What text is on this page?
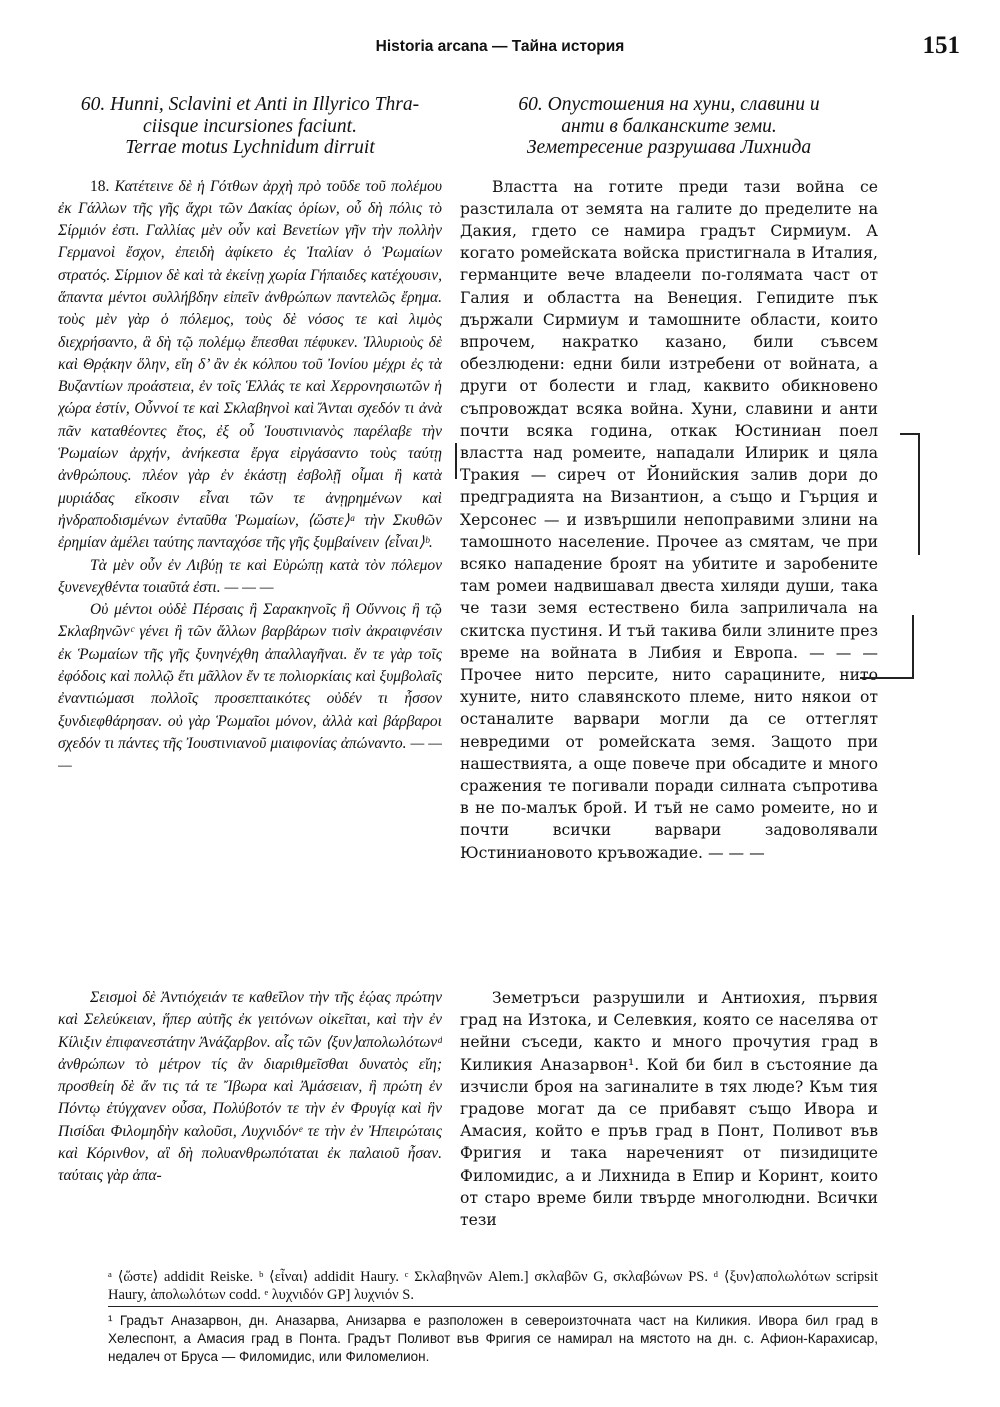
Historia arcana — Тайна история	151
60. Hunni, Sclavini et Anti in Illyrico Thra-
ciisque incursiones faciunt.
Terrae motus Lychnidum dirruit

18. Κατέτεινε δὲ ἡ Γότθων ἀρχὴ πρὸ τοῦδε τοῦ πολέμου ἐκ Γάλλων τῆς γῆς ἄχρι τῶν Δακίας ὁρίων, οὗ δὴ πόλις τὸ Σίρμιόν ἐστι. Γαλλίας μὲν οὖν καὶ Βενετίων γῆν τὴν πολλὴν Γερμανοὶ ἔσχον, ἐπειδὴ ἀφίκετο ἐς Ἰταλίαν ὁ Ῥωμαίων στρατός. Σίρμιον δὲ καὶ τὰ ἐκείνῃ χωρία Γήπαιδες κατέχουσιν, ἅπαντα μέντοι συλλήβδην εἰπεῖν ἀνθρώπων παντελῶς ἔρημα. τοὺς μὲν γὰρ ὁ πόλεμος, τοὺς δὲ νόσος τε καὶ λιμὸς διεχρήσαντο, ἃ δὴ τῷ πολέμῳ ἔπεσθαι πέφυκεν. Ἰλλυριοὺς δὲ καὶ Θρᾴκην ὅλην, εἴη δ’ ἂν ἐκ κόλπου τοῦ Ἰονίου μέχρι ἐς τὰ Βυζαντίων προάστεια, ἐν τοῖς Ἑλλάς τε καὶ Χερρονησιωτῶν ἡ χώρα ἐστίν, Οὖννοί τε καὶ Σκλαβηνοὶ καὶ Ἄνται σχεδόν τι ἀνὰ πᾶν καταθέοντες ἔτος, ἐξ οὗ Ἰουστινιανὸς παρέλαβε τὴν Ῥωμαίων ἀρχήν, ἀνήκεστα ἔργα εἰργάσαντο τοὺς ταύτῃ ἀνθρώπους. πλέον γὰρ ἐν ἑκάστῃ ἐσβολῇ οἶμαι ἢ κατὰ μυριάδας εἴκοσιν εἶναι τῶν τε ἀνῃρημένων καὶ ἠνδραποδισμένων ἐνταῦθα Ῥωμαίων, ⟨ὥστε⟩ᵃ τὴν Σκυθῶν ἐρημίαν ἀμέλει ταύτης πανταχόσε τῆς γῆς ξυμβαίνειν ⟨εἶναι⟩ᵇ.

Τὰ μὲν οὖν ἐν Λιβύῃ τε καὶ Εὐρώπῃ κατὰ τὸν πόλεμον ξυνενεχθέντα τοιαῦτά ἐστι. — — —

Οὐ μέντοι οὐδὲ Πέρσαις ἢ Σαρακηνοῖς ἢ Οὔννοις ἢ τῷ Σκλαβηνῶνᶜ γένει ἢ τῶν ἄλλων βαρβάρων τισὶν ἀκραιφνέσιν ἐκ Ῥωμαίων τῆς γῆς ξυνηνέχθη ἀπαλλαγῆναι. ἔν τε γὰρ τοῖς ἐφόδοις καὶ πολλῷ ἔτι μᾶλλον ἔν τε πολιορκίαις καὶ ξυμβολαῖς ἐναντιώμασι πολλοῖς προσεπταικότες οὐδέν τι ἧσσον ξυνδιεφθάρησαν. οὐ γὰρ Ῥωμαῖοι μόνον, ἀλλὰ καὶ βάρβαροι σχεδόν τι πάντες τῆς Ἰουστινιανοῦ μιαιφονίας ἀπώναντο. — — —

60. Опустошения на хуни, славини и
анти в балканските земи.
Земетресение разрушава Лихнида

Властта на готите преди тази война се разстилала от земята на галите до пределите на Дакия, гдето се намира градът Сирмиум. А когато ромейската войска пристигнала в Италия, германците вече владеели по-голямата част от Галия и областта на Венеция. Гепидите пък държали Сирмиум и тамошните области, които впрочем, накратко казано, били съвсем обезлюдени: едни били изтребени от войната, а други от болести и глад, каквито обикновено съпровождат всяка война. Хуни, славини и анти почти всяка година, откак Юстиниан поел властта над ромеите, нападали Илирик и цяла Тракия — сиреч от Йонийския залив дори до предградията на Византион, а също и Гърция и Херсонес — и извършили непоправими злини на тамошното население. Прочее аз смятам, че при всяко нападение броят на убитите и заробените там ромеи надвишавал двеста хиляди души, така че тази земя естествено била заприличала на скитска пустиня. И тъй такива били злините през време на войната в Либия и Европа. — — — Прочее нито персите, нито сарацините, нито хуните, нито славянското племе, нито някои от останалите варвари могли да се оттеглят невредими от ромейската земя. Защото при нашествията, а още повече при обсадите и много сражения те погивали поради силната съпротива в не по-малък брой. И тъй не само ромеите, но и почти всички варвари задоволявали Юстиниановото кръвожадие. — — —

Σεισμοὶ δὲ Ἀντιόχειάν τε καθεῖλον τὴν τῆς ἑῴας πρώτην καὶ Σελεύκειαν, ἥπερ αὐτῆς ἐκ γειτόνων οἰκεῖται, καὶ τὴν ἐν Κίλιξιν ἐπιφανεστάτην Ἀνάζαρβον. αἷς τῶν ⟨ξυν⟩απολωλότωνᵈ ἀνθρώπων τὸ μέτρον τίς ἂν διαριθμεῖσθαι δυνατὸς εἴη; προσθείη δὲ ἄν τις τά τε Ἴβωρα καὶ Ἀμάσειαν, ἣ πρώτη ἐν Πόντῳ ἐτύγχανεν οὖσα, Πολύβοτόν τε τὴν ἐν Φρυγίᾳ καὶ ἣν Πισίδαι Φιλομηδὴν καλοῦσι, Λυχνιδόνᵉ τε τὴν ἐν Ἠπειρώταις καὶ Κόρινθον, αἳ δὴ πολυανθρωπόταται ἐκ παλαιοῦ ἦσαν. ταύταις γὰρ ἁπα-

Земетръси разрушили и Антиохия, първия град на Изтока, и Селевкия, която се населява от нейни съседи, както и много прочутия град в Киликия Аназарвон¹. Кой би бил в състояние да изчисли броя на загиналите в тях люде? Към тия градове могат да се прибавят също Ивора и Амасия, който е пръв град в Понт, Поливот във Фригия и така нареченият от пизидиците Филомидис, а и Лихнида в Епир и Коринт, които от старо време били твърде многолюдни. Всички тези

ᵃ ⟨ὥστε⟩ addidit Reiske. ᵇ ⟨εἶναι⟩ addidit Haury. ᶜ Σκλαβηνῶν Alem.] σκλαβῶν G, σκλαβώνων PS. ᵈ ⟨ξυν⟩απολωλότων scripsit Haury, ἀπολωλότων codd. ᵉ λυχνιδόν GP] λυχνιόν S.

¹ Градът Аназарвон, дн. Аназарва, Анизарва е разположен в североизточната част на Киликия. Ивора бил град в Хелеспонт, а Амасия град в Понта. Градът Поливот във Фригия се намирал на мястото на дн. с. Афион-Карахисар, недалеч от Бруса — Филомидис, или Филомелион.
